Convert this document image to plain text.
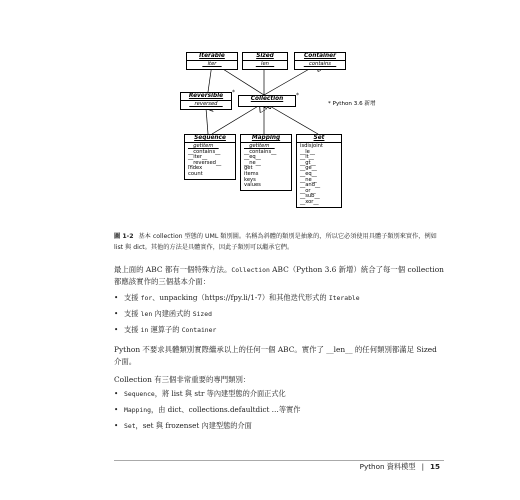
Iterable
__iter__
Sized
__len__
Container
__contains__
Reversible
__reversed__
*
Collection	*
Sequence
__getitem__
__contains__
__iter__
__reversed__
index
count
Mapping
__getitem__
__contains__
__eq__
__ne__
get
items
keys
values
Set
isdisjoint
__le__
__lt__
__gt__
__ge__
__eq__
__ne__
__and__
__or__
__sub__
__xor__
* Python 3.6 新增
圖 1-2 基本 collection 型態的 UML 類別圖。名稱為斜體的類別是抽象的，所以它必須使用具體子類別來實作，例如 list 與 dict。其他的方法是具體實作，因此子類別可以繼承它們。
最上面的 ABC 都有一個特殊方法。Collection ABC（Python 3.6 新增）統合了每一個 collection 都應該實作的三個基本介面：
• 支援 for、unpacking（https://fpy.li/1-7）和其他迭代形式的 Iterable
• 支援 len 內建函式的 Sized
• 支援 in 運算子的 Container
Python 不要求具體類別實際繼承以上的任何一個 ABC。實作了 __len__ 的任何類別都滿足 Sized 介面。
Collection 有三個非常重要的專門類別：
• Sequence，將 list 與 str 等內建型態的介面正式化
• Mapping，由 dict、collections.defaultdict …等實作
• Set，set 與 frozenset 內建型態的介面
Python 資料模型 | 15
